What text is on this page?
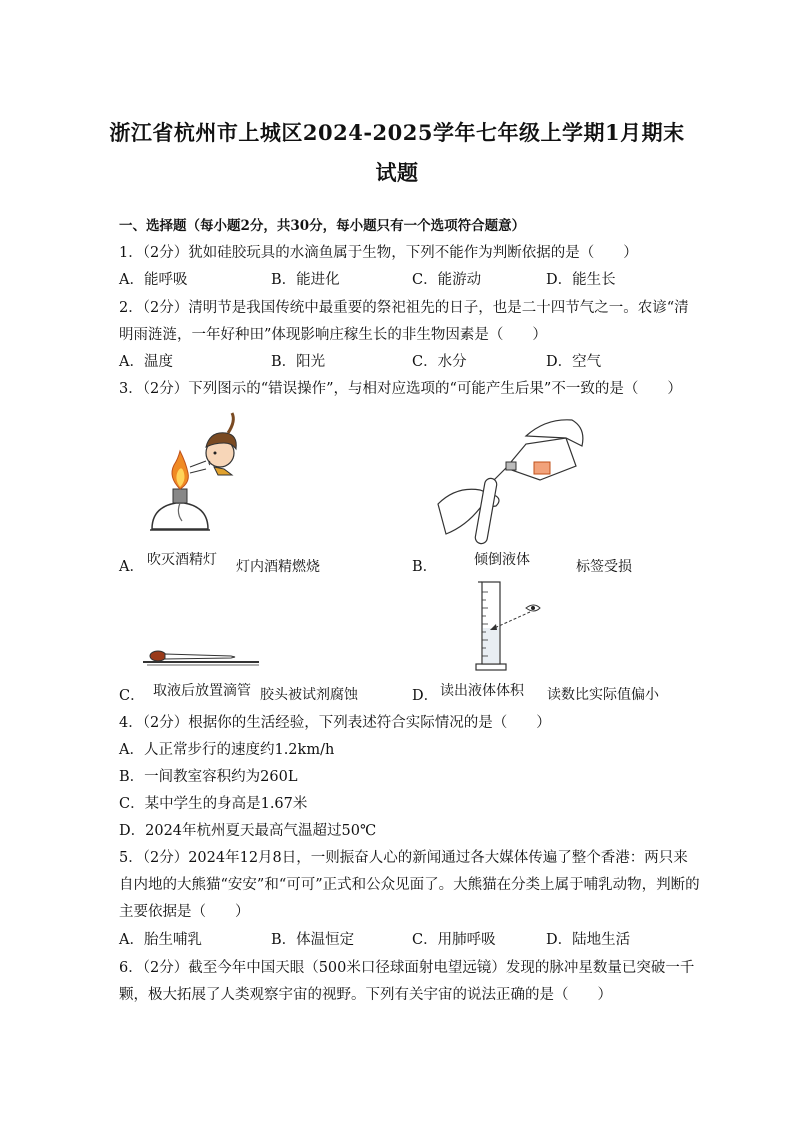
浙江省杭州市上城区2024-2025学年七年级上学期1月期末
试题
一、选择题（每小题2分，共30分，每小题只有一个选项符合题意）
1．（2分）犹如硅胶玩具的水滴鱼属于生物，下列不能作为判断依据的是（　　）
A．能呼吸	B．能进化	C．能游动	D．能生长
2．（2分）清明节是我国传统中最重要的祭祀祖先的日子，也是二十四节气之一。农谚“清
明雨涟涟，一年好种田”体现影响庄稼生长的非生物因素是（　　）
A．温度	B．阳光	C．水分	D．空气
3．（2分）下列图示的“错误操作”，与相对应选项的“可能产生后果”不一致的是（　　）
A． 吹灭酒精灯 灯内酒精燃烧	B．	倾倒液体	标签受损
C． 取液后放置滴管 胶头被试剂腐蚀	D． 读出液体体积 读数比实际值偏小
4．（2分）根据你的生活经验，下列表述符合实际情况的是（　　）
A．人正常步行的速度约1.2km/h
B．一间教室容积约为260L
C．某中学生的身高是1.67米
D．2024年杭州夏天最高气温超过50℃
5．（2分）2024年12月8日，一则振奋人心的新闻通过各大媒体传遍了整个香港：两只来
自内地的大熊猫“安安”和“可可”正式和公众见面了。大熊猫在分类上属于哺乳动物，判断的
主要依据是（　　）
A．胎生哺乳	B．体温恒定	C．用肺呼吸	D．陆地生活
6．（2分）截至今年中国天眼（500米口径球面射电望远镜）发现的脉冲星数量已突破一千
颗，极大拓展了人类观察宇宙的视野。下列有关宇宙的说法正确的是（　　）
